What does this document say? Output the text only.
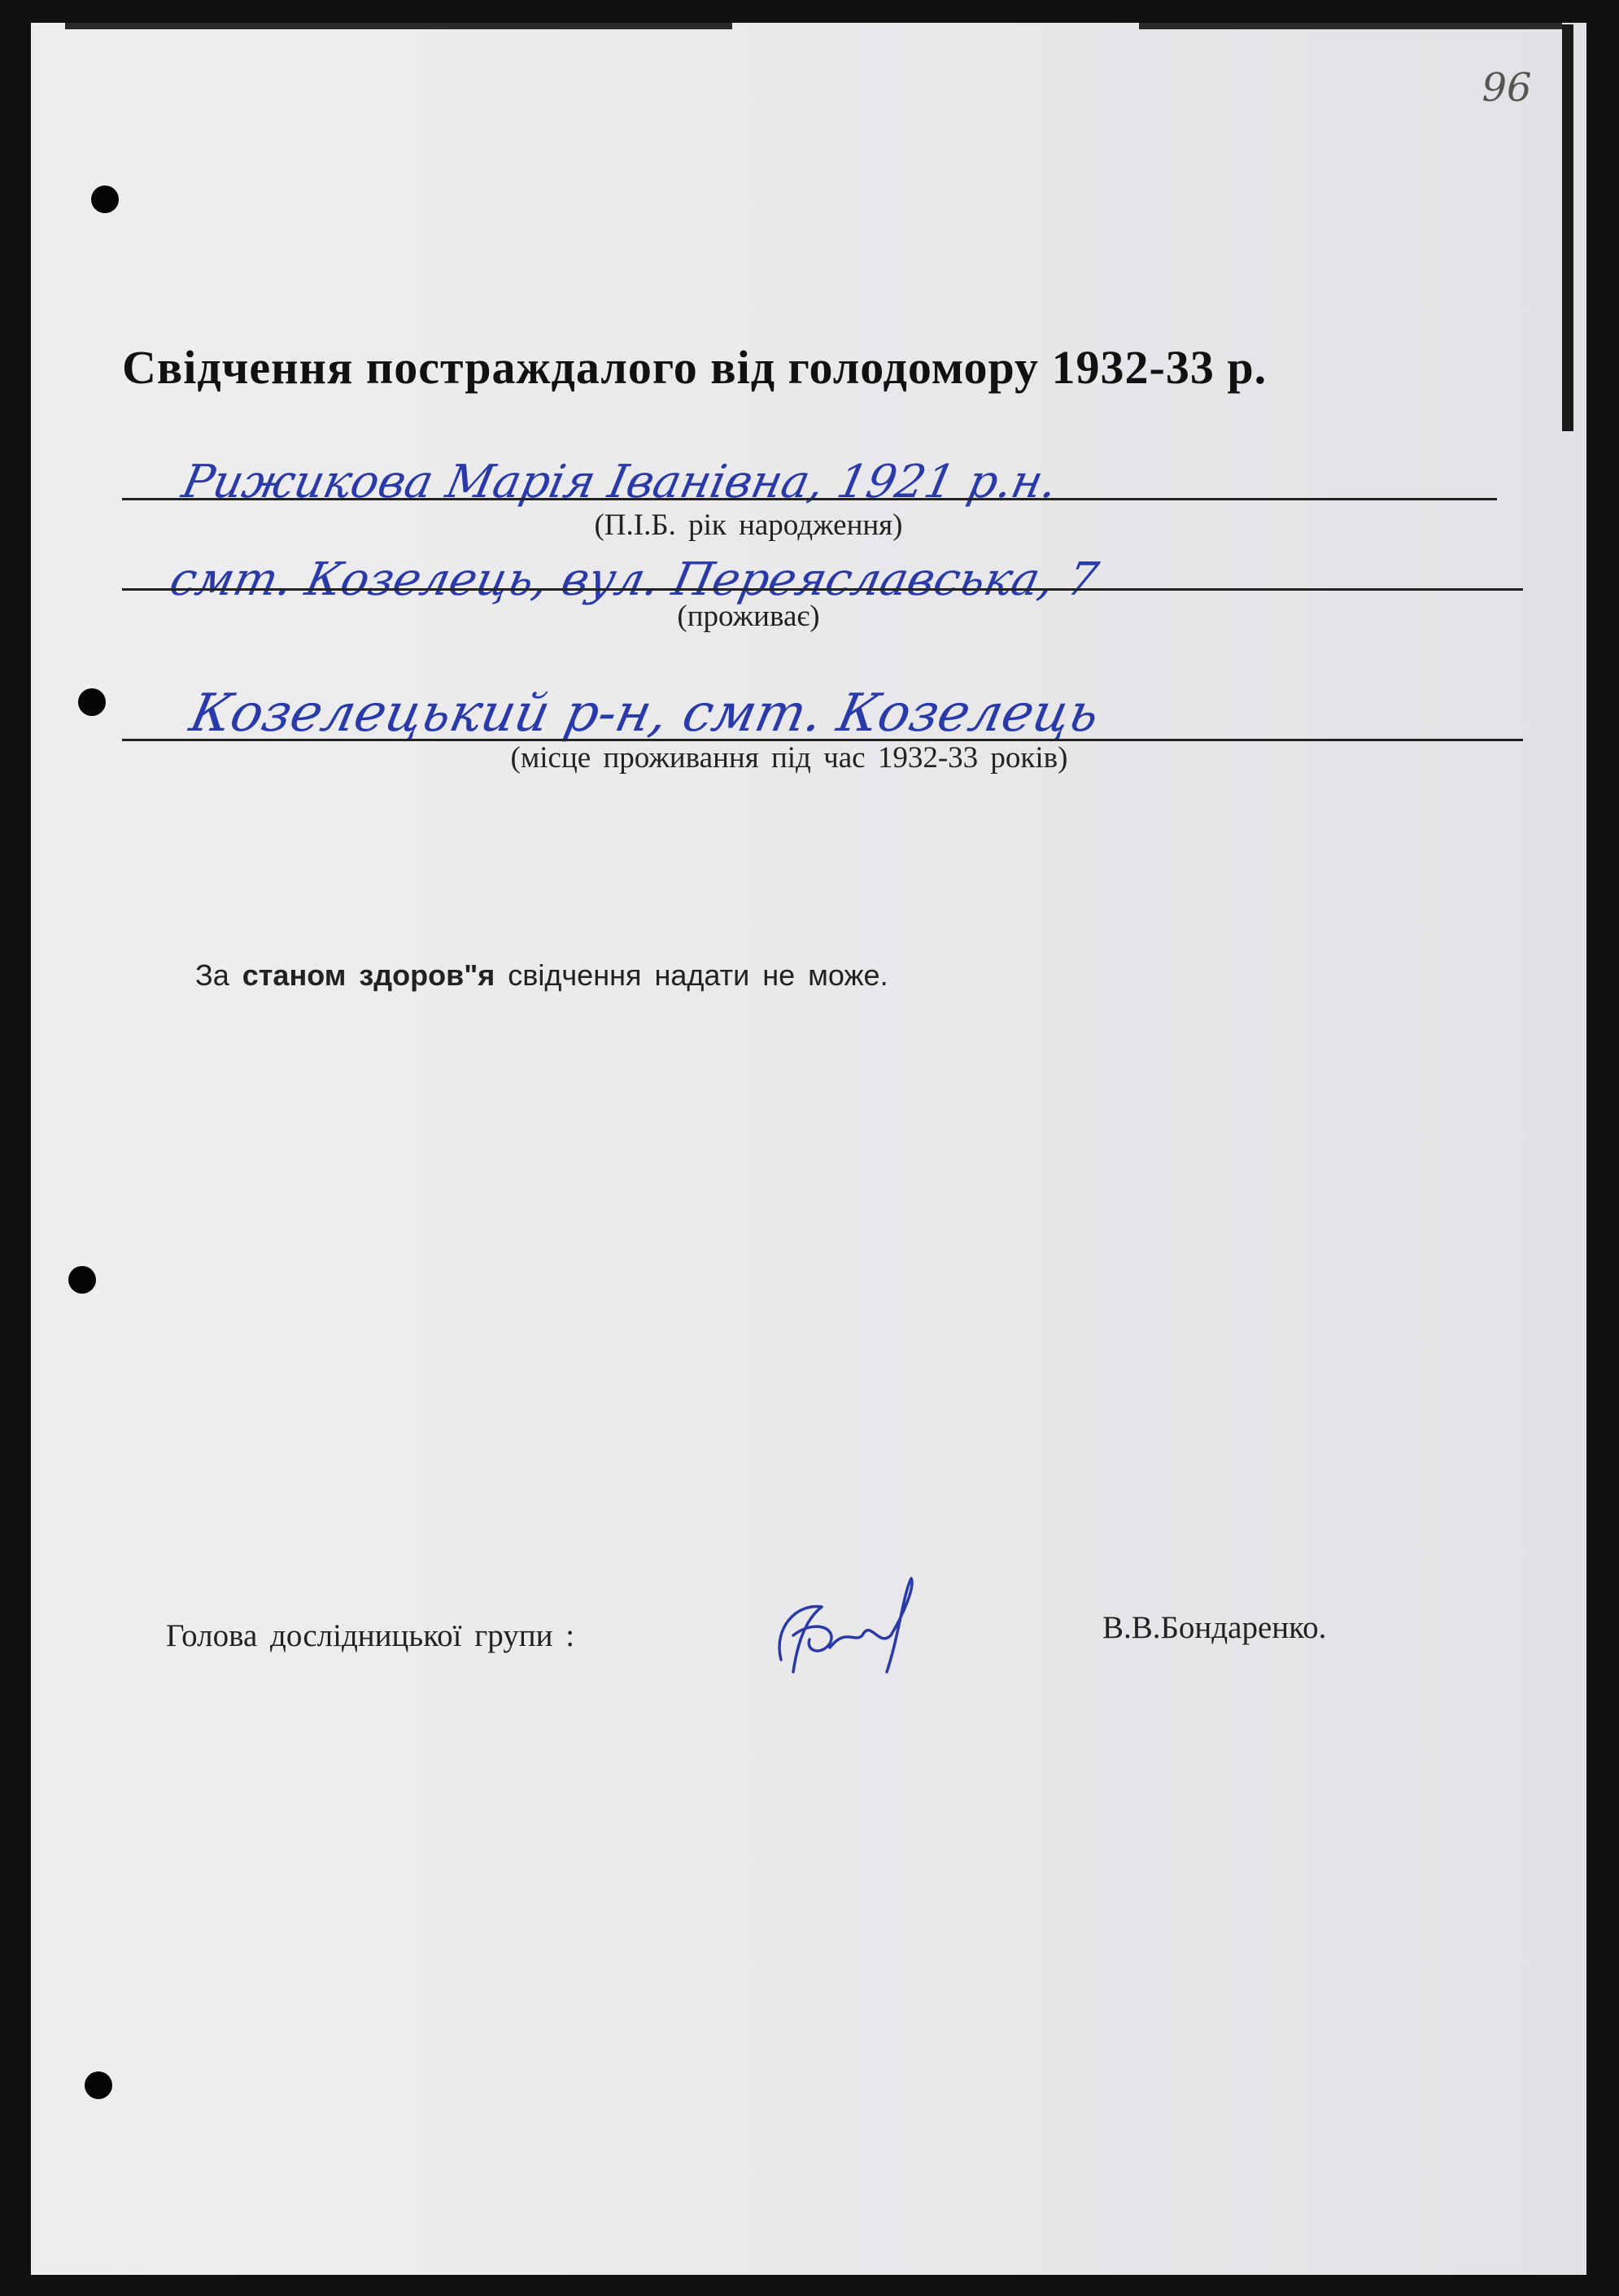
96
Свідчення постраждалого від голодомору 1932-33 р.
Рижикова Марія Іванівна, 1921 р.н.
(П.І.Б. рік народження)
смт. Козелець, вул. Переяславська, 7
(проживає)
Козелецький р-н, смт. Козелець
(місце проживання під час 1932-33 років)
За станом здоров"я свідчення надати не може.
Голова дослідницької групи :	В.В.Бондаренко.
